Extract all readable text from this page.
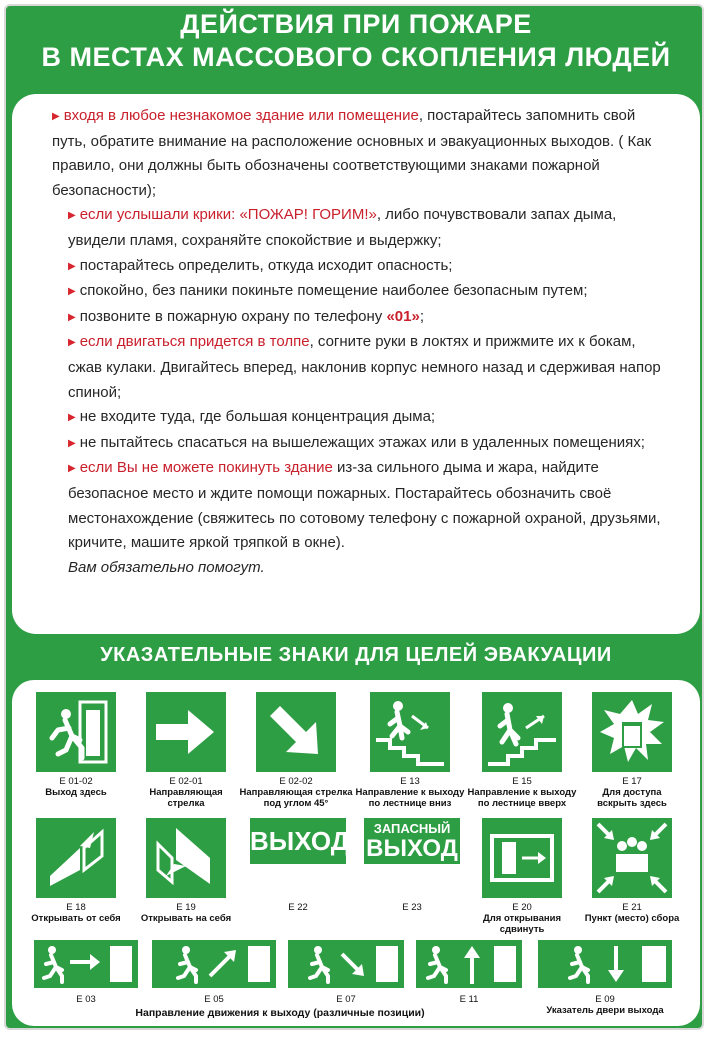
ДЕЙСТВИЯ ПРИ ПОЖАРЕ
В МЕСТАХ МАССОВОГО СКОПЛЕНИЯ ЛЮДЕЙ

▶ входя в любое незнакомое здание или помещение, постарайтесь запомнить свой путь, обратите внимание на расположение основных и эвакуационных выходов. ( Как правило, они должны быть обозначены соответствующими знаками пожарной безопасности);

▶ если услышали крики: «ПОЖАР! ГОРИМ!», либо почувствовали запах дыма, увидели пламя, сохраняйте спокойствие и выдержку;

▶ постарайтесь определить, откуда исходит опасность;

▶ спокойно, без паники покиньте помещение наиболее безопасным путем;

▶ позвоните в пожарную охрану по телефону «01»;

▶ если двигаться придется в толпе, согните руки в локтях и прижмите их к бокам, сжав кулаки. Двигайтесь вперед, наклонив корпус немного назад и сдерживая напор спиной;

▶ не входите туда, где большая концентрация дыма;

▶ не пытайтесь спасаться на вышележащих этажах или в удаленных помещениях;

▶ если Вы не можете покинуть здание из-за сильного дыма и жара, найдите безопасное место и ждите помощи пожарных. Постарайтесь обозначить своё местонахождение (свяжитесь по сотовому телефону с пожарной охраной, друзьями, кричите, машите яркой тряпкой в окне).

Вам обязательно помогут.

УКАЗАТЕЛЬНЫЕ ЗНАКИ ДЛЯ ЦЕЛЕЙ ЭВАКУАЦИИ
Е 01-02
Выход здесь
Е 02-01
Направляющая стрелка
Е 02-02
Направляющая стрелка под углом 45°
Е 13
Направление к выходу по лестнице вниз
Е 15
Направление к выходу по лестнице вверх
Е 17
Для доступа вскрыть здесь
Е 18
Открывать от себя
Е 19
Открывать на себя
ВЫХОД
Е 22
ЗАПАСНЫЙ
ВЫХОД
Е 23	Е 20
Для открывания сдвинуть
Е 21
Пункт (место) сбора
Е 03	Е 05	Е 07	Е 11	Е 09
Указатель двери выхода
Направление движения к выходу (различные позиции)
